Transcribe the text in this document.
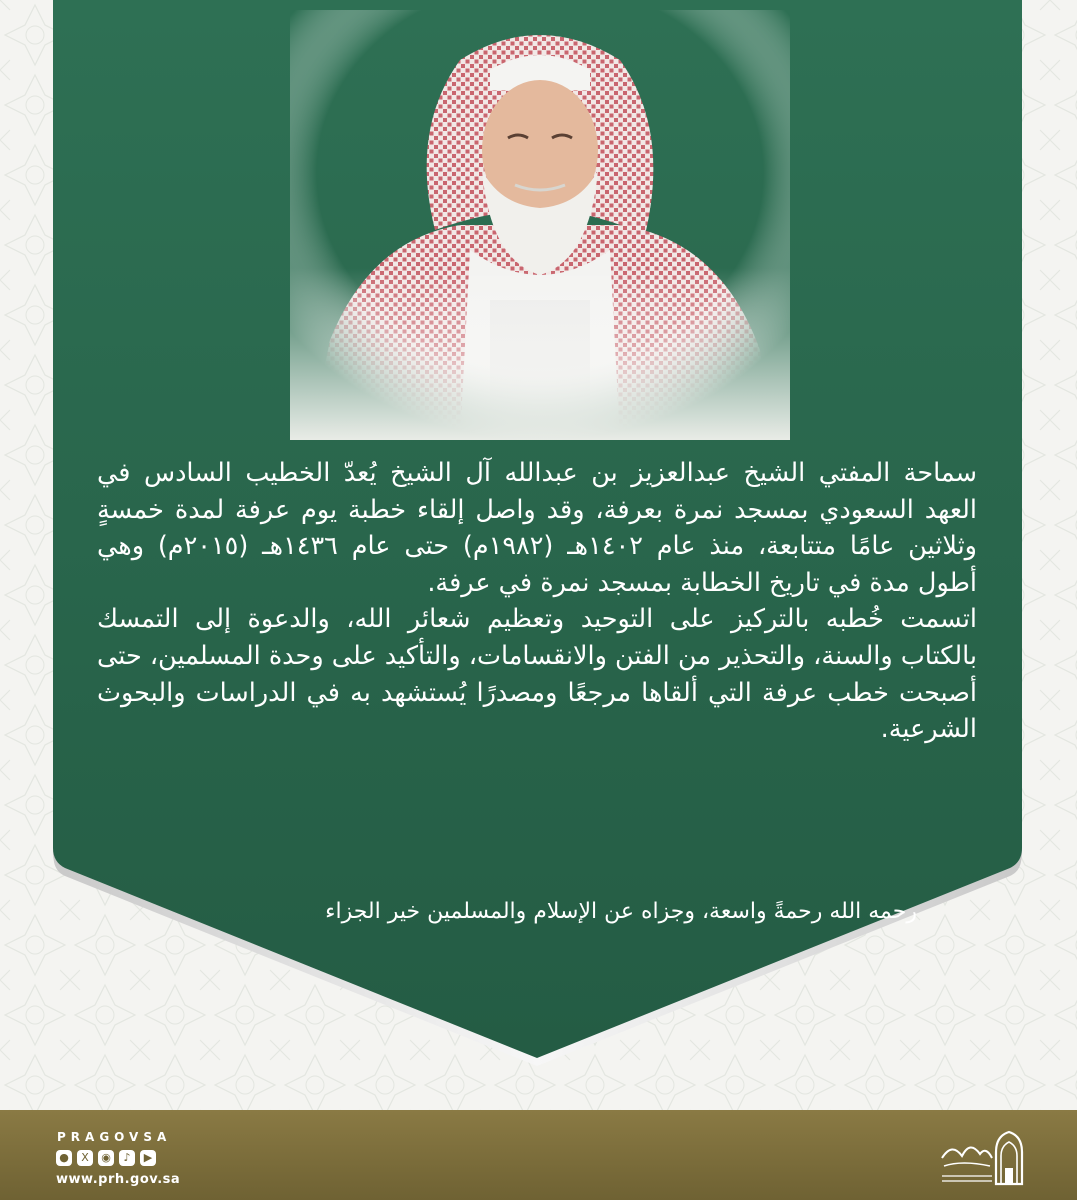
سماحة المفتي الشيخ عبدالعزيز بن عبدالله آل الشيخ يُعدّ الخطيب السادس في العهد السعودي بمسجد نمرة بعرفة، وقد واصل إلقاء خطبة يوم عرفة لمدة خمسةٍ وثلاثين عامًا متتابعة، منذ عام ١٤٠٢هـ (١٩٨٢م) حتى عام ١٤٣٦هـ (٢٠١٥م) وهي أطول مدة في تاريخ الخطابة بمسجد نمرة في عرفة.

اتسمت خُطبه بالتركيز على التوحيد وتعظيم شعائر الله، والدعوة إلى التمسك بالكتاب والسنة، والتحذير من الفتن والانقسامات، والتأكيد على وحدة المسلمين، حتى أصبحت خطب عرفة التي ألقاها مرجعًا ومصدرًا يُستشهد به في الدراسات والبحوث الشرعية.

رحمه الله رحمةً واسعة، وجزاه عن الإسلام والمسلمين خير الجزاء
PRAGOVSA
●	X	◉	♪	▶
www.prh.gov.sa
